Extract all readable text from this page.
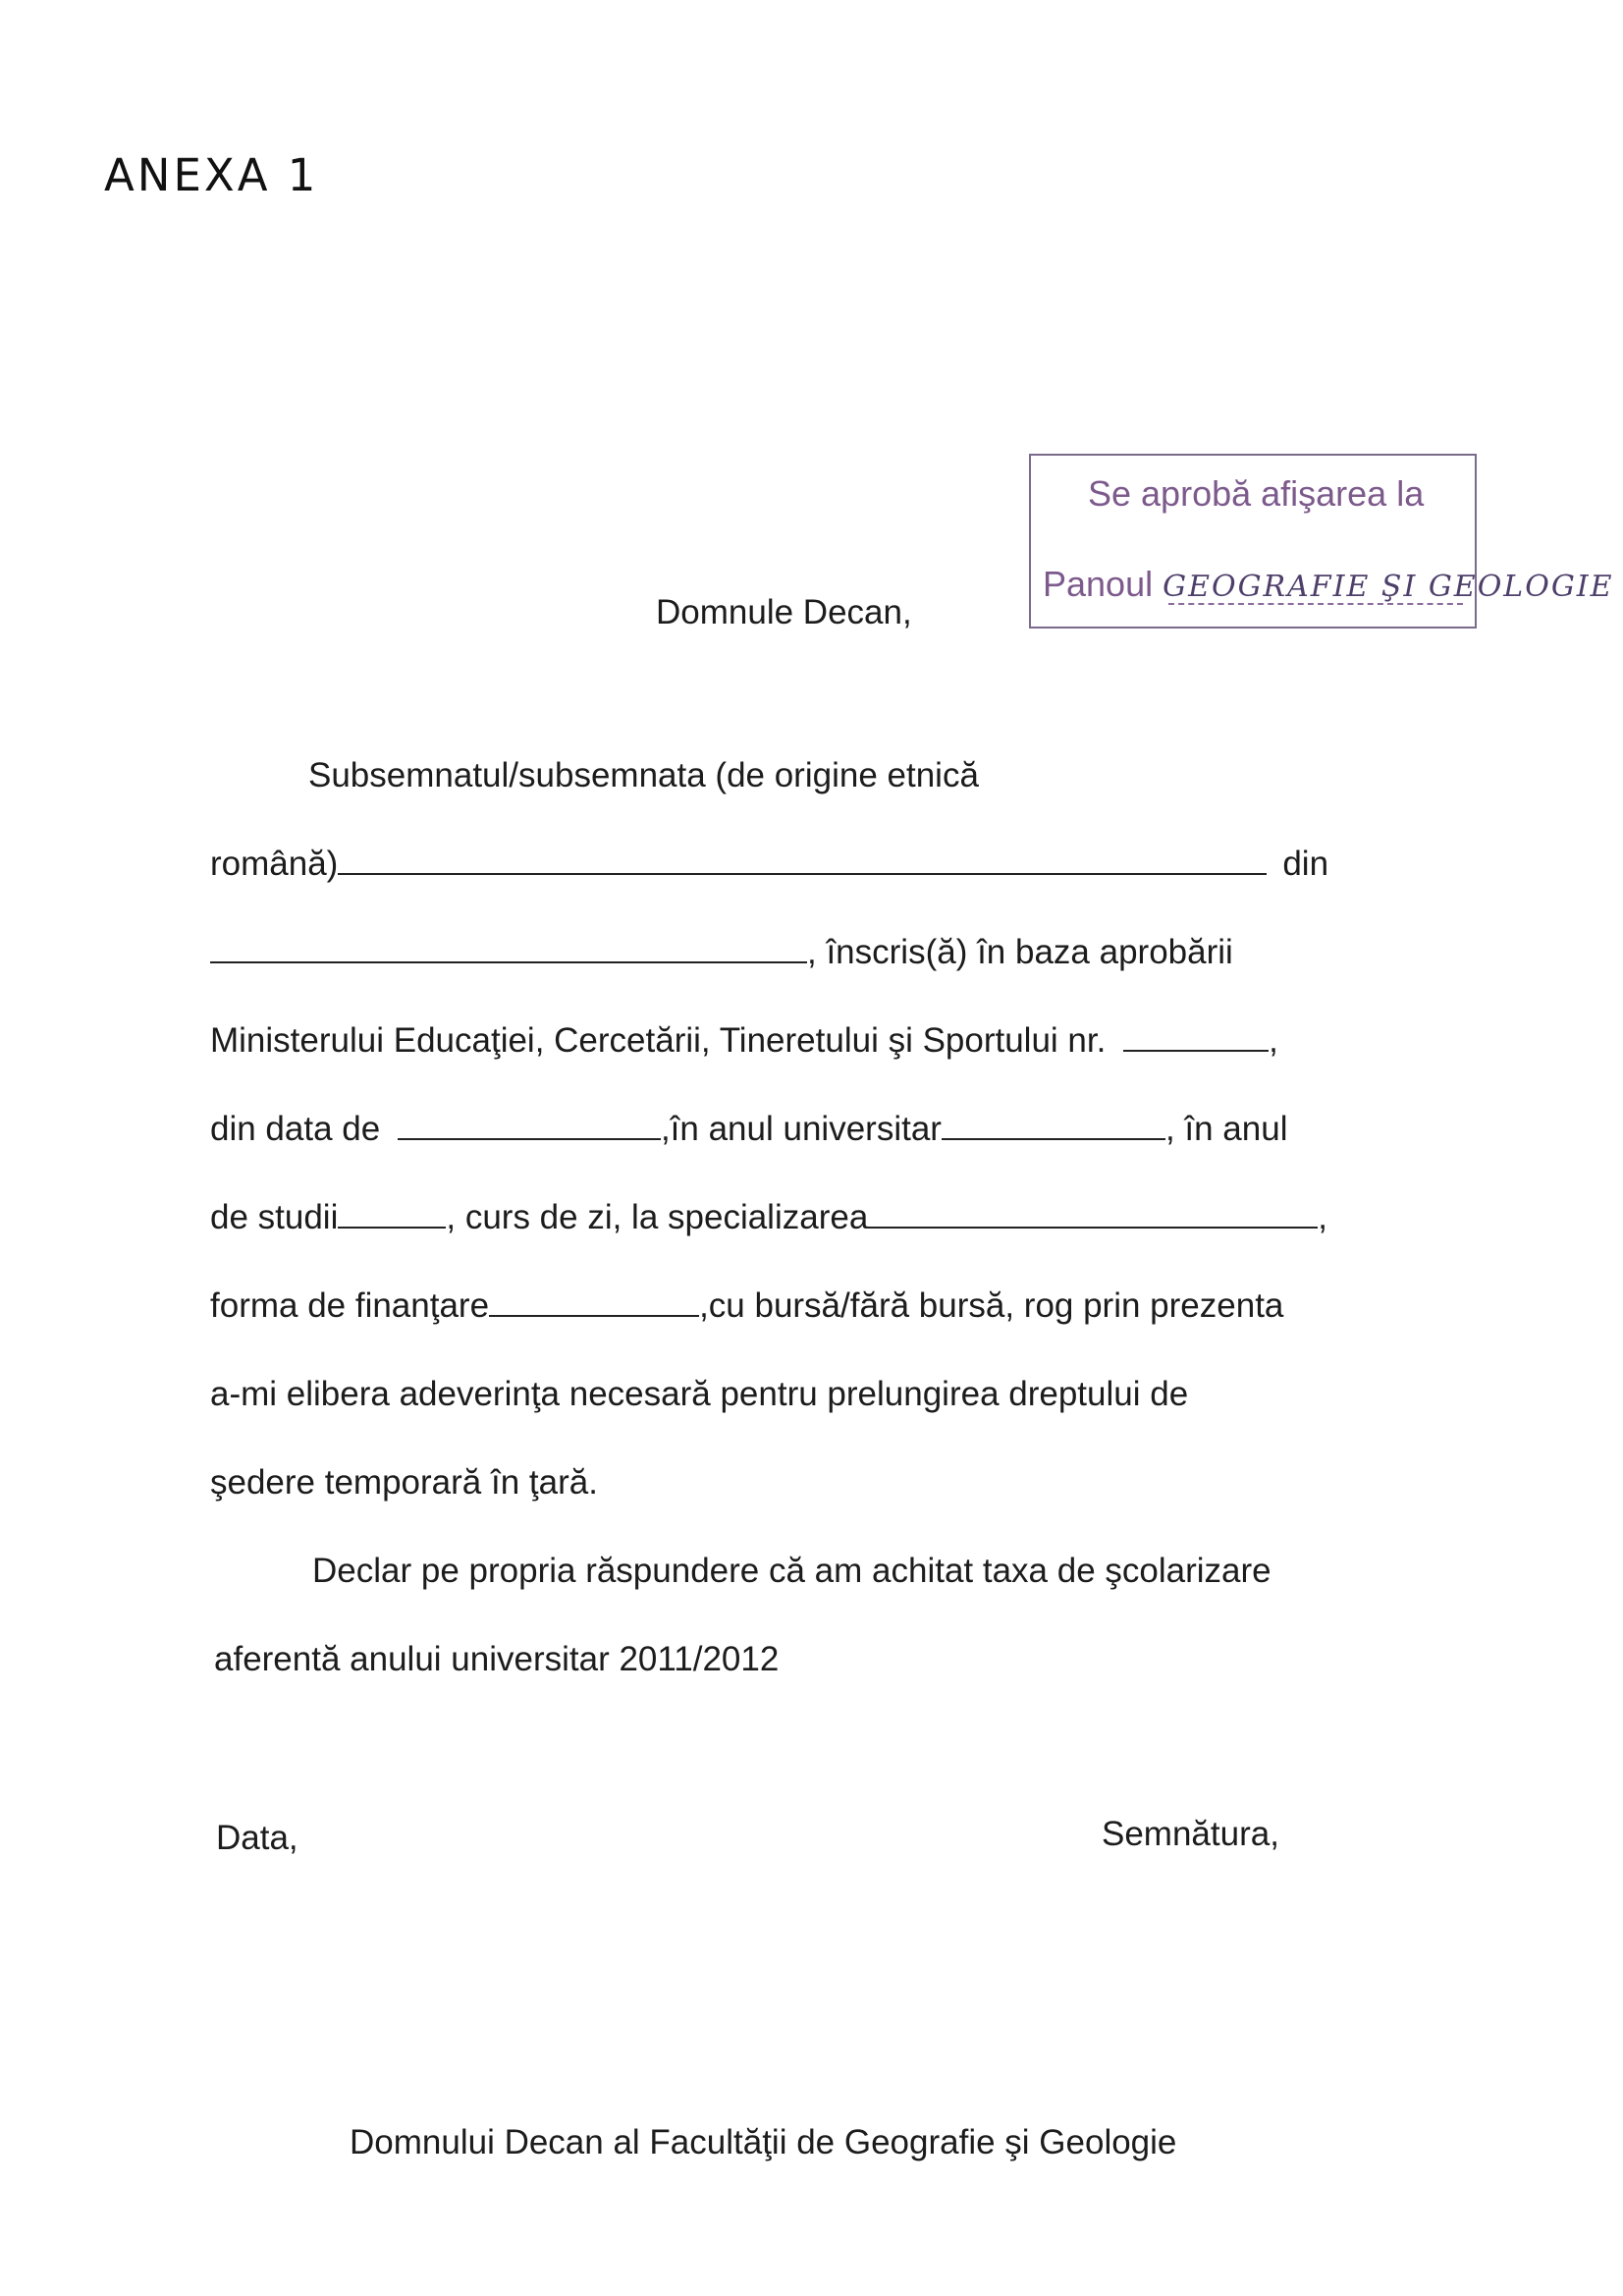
ANEXA 1
Se aprobă afişarea la
Panoul GEOGRAFIE ŞI GEOLOGIE
Domnule Decan,
Subsemnatul/subsemnata (de origine etnică
română)	din
, înscris(ă) în baza aprobării
Ministerului Educaţiei, Cercetării, Tineretului şi Sportului nr.	,
din data de	,în anul universitar	, în anul
de studii	, curs de zi, la specializarea	,
forma de finanţare	,cu bursă/fără bursă, rog prin prezenta
a-mi elibera adeverinţa necesară pentru prelungirea dreptului de
şedere temporară în ţară.
Declar pe propria răspundere că am achitat taxa de şcolarizare
aferentă anului universitar 2011/2012
Data,	Semnătura,
Domnului Decan al Facultăţii de Geografie şi Geologie
